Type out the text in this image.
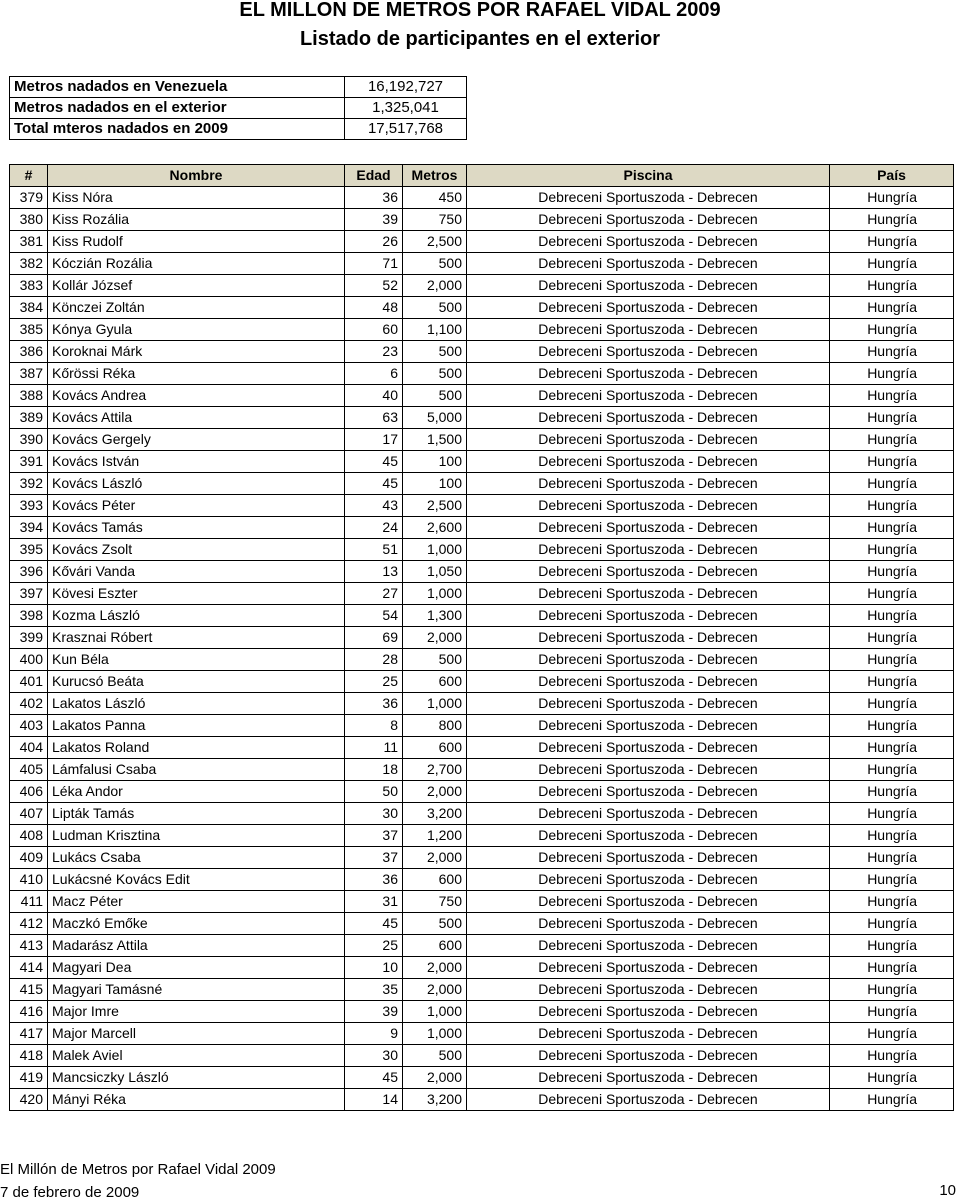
EL MILLON DE METROS POR RAFAEL VIDAL 2009
Listado de participantes en el exterior
Metros nadados en Venezuela	16,192,727
Metros nadados en el exterior	1,325,041
Total mteros nadados en 2009	17,517,768
#	Nombre	Edad	Metros	Piscina	País
379	Kiss Nóra	36	450	Debreceni Sportuszoda - Debrecen	Hungría
380	Kiss Rozália	39	750	Debreceni Sportuszoda - Debrecen	Hungría
381	Kiss Rudolf	26	2,500	Debreceni Sportuszoda - Debrecen	Hungría
382	Kóczián Rozália	71	500	Debreceni Sportuszoda - Debrecen	Hungría
383	Kollár József	52	2,000	Debreceni Sportuszoda - Debrecen	Hungría
384	Könczei Zoltán	48	500	Debreceni Sportuszoda - Debrecen	Hungría
385	Kónya Gyula	60	1,100	Debreceni Sportuszoda - Debrecen	Hungría
386	Koroknai Márk	23	500	Debreceni Sportuszoda - Debrecen	Hungría
387	Kőrössi Réka	6	500	Debreceni Sportuszoda - Debrecen	Hungría
388	Kovács Andrea	40	500	Debreceni Sportuszoda - Debrecen	Hungría
389	Kovács Attila	63	5,000	Debreceni Sportuszoda - Debrecen	Hungría
390	Kovács Gergely	17	1,500	Debreceni Sportuszoda - Debrecen	Hungría
391	Kovács István	45	100	Debreceni Sportuszoda - Debrecen	Hungría
392	Kovács László	45	100	Debreceni Sportuszoda - Debrecen	Hungría
393	Kovács Péter	43	2,500	Debreceni Sportuszoda - Debrecen	Hungría
394	Kovács Tamás	24	2,600	Debreceni Sportuszoda - Debrecen	Hungría
395	Kovács Zsolt	51	1,000	Debreceni Sportuszoda - Debrecen	Hungría
396	Kővári Vanda	13	1,050	Debreceni Sportuszoda - Debrecen	Hungría
397	Kövesi Eszter	27	1,000	Debreceni Sportuszoda - Debrecen	Hungría
398	Kozma László	54	1,300	Debreceni Sportuszoda - Debrecen	Hungría
399	Krasznai Róbert	69	2,000	Debreceni Sportuszoda - Debrecen	Hungría
400	Kun Béla	28	500	Debreceni Sportuszoda - Debrecen	Hungría
401	Kurucsó Beáta	25	600	Debreceni Sportuszoda - Debrecen	Hungría
402	Lakatos László	36	1,000	Debreceni Sportuszoda - Debrecen	Hungría
403	Lakatos Panna	8	800	Debreceni Sportuszoda - Debrecen	Hungría
404	Lakatos Roland	11	600	Debreceni Sportuszoda - Debrecen	Hungría
405	Lámfalusi Csaba	18	2,700	Debreceni Sportuszoda - Debrecen	Hungría
406	Léka Andor	50	2,000	Debreceni Sportuszoda - Debrecen	Hungría
407	Lipták Tamás	30	3,200	Debreceni Sportuszoda - Debrecen	Hungría
408	Ludman Krisztina	37	1,200	Debreceni Sportuszoda - Debrecen	Hungría
409	Lukács Csaba	37	2,000	Debreceni Sportuszoda - Debrecen	Hungría
410	Lukácsné Kovács Edit	36	600	Debreceni Sportuszoda - Debrecen	Hungría
411	Macz Péter	31	750	Debreceni Sportuszoda - Debrecen	Hungría
412	Maczkó Emőke	45	500	Debreceni Sportuszoda - Debrecen	Hungría
413	Madarász Attila	25	600	Debreceni Sportuszoda - Debrecen	Hungría
414	Magyari Dea	10	2,000	Debreceni Sportuszoda - Debrecen	Hungría
415	Magyari Tamásné	35	2,000	Debreceni Sportuszoda - Debrecen	Hungría
416	Major Imre	39	1,000	Debreceni Sportuszoda - Debrecen	Hungría
417	Major Marcell	9	1,000	Debreceni Sportuszoda - Debrecen	Hungría
418	Malek Aviel	30	500	Debreceni Sportuszoda - Debrecen	Hungría
419	Mancsiczky László	45	2,000	Debreceni Sportuszoda - Debrecen	Hungría
420	Mányi Réka	14	3,200	Debreceni Sportuszoda - Debrecen	Hungría
El Millón de Metros por Rafael Vidal 2009
7 de febrero de 2009	10
